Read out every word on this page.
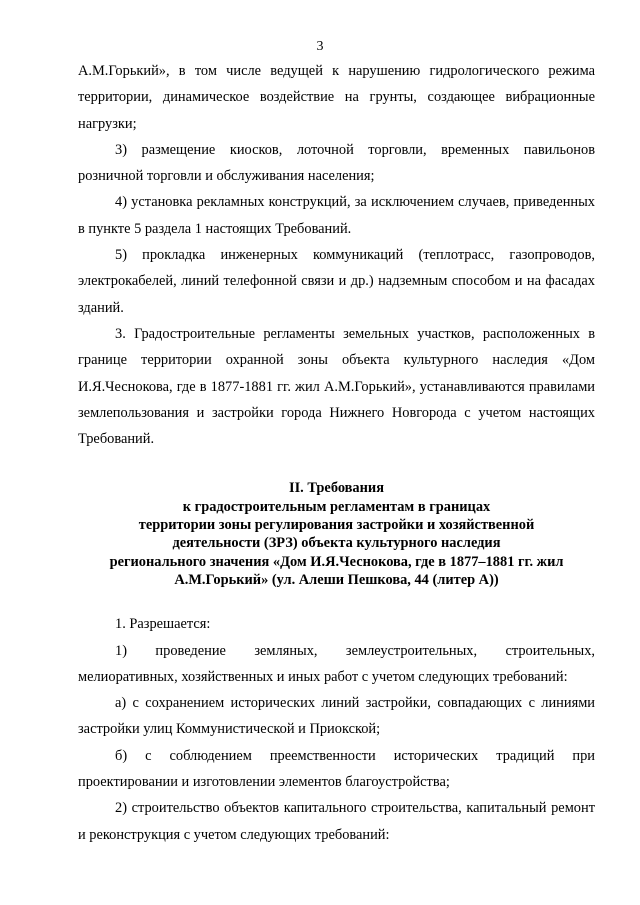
3

А.М.Горький», в том числе ведущей к нарушению гидрологического режима территории, динамическое воздействие на грунты, создающее вибрационные нагрузки;

3) размещение киосков, лоточной торговли, временных павильонов розничной торговли и обслуживания населения;

4) установка рекламных конструкций, за исключением случаев, приведенных в пункте 5 раздела 1 настоящих Требований.

5) прокладка инженерных коммуникаций (теплотрасс, газопроводов, электрокабелей, линий телефонной связи и др.) надземным способом и на фасадах зданий.

3. Градостроительные регламенты земельных участков, расположенных в границе территории охранной зоны объекта культурного наследия «Дом И.Я.Чеснокова, где в 1877-1881 гг. жил А.М.Горький», устанавливаются правилами землепользования и застройки города Нижнего Новгорода с учетом настоящих Требований.

II. Требования
к градостроительным регламентам в границах
территории зоны регулирования застройки и хозяйственной
деятельности (ЗРЗ) объекта культурного наследия
регионального значения «Дом И.Я.Чеснокова, где в 1877–1881 гг. жил
А.М.Горький» (ул. Алеши Пешкова, 44 (литер А))

1. Разрешается:

1) проведение земляных, землеустроительных, строительных, мелиоративных, хозяйственных и иных работ с учетом следующих требований:

а) с сохранением исторических линий застройки, совпадающих с линиями застройки улиц Коммунистической и Приокской;

б) с соблюдением преемственности исторических традиций при проектировании и изготовлении элементов благоустройства;

2) строительство объектов капитального строительства, капитальный ремонт и реконструкция с учетом следующих требований:
